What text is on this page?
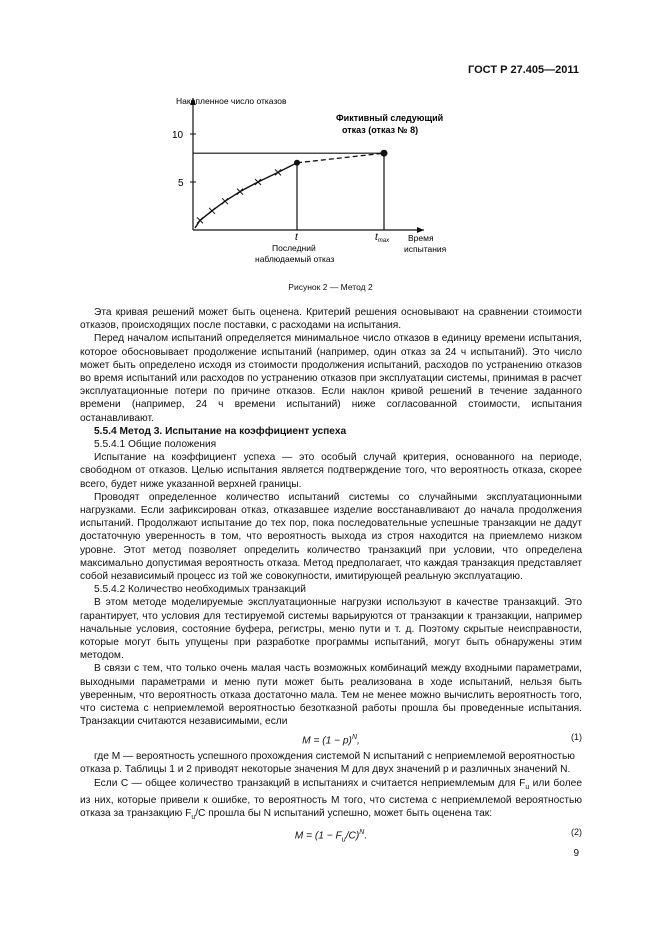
ГОСТ Р 27.405—2011
Накопленное число отказов
10
5
Фиктивный следующий
отказ (отказ № 8)
t	$t_{max}$
Последний
наблюдаемый отказ
Время
испытания
Рисунок 2 — Метод 2

Эта кривая решений может быть оценена. Критерий решения основывают на сравнении стоимости отказов, происходящих после поставки, с расходами на испытания.

Перед началом испытаний определяется минимальное число отказов в единицу времени испытания, которое обосновывает продолжение испытаний (например, один отказ за 24 ч испытаний). Это число может быть определено исходя из стоимости продолжения испытаний, расходов по устранению отказов во время испытаний или расходов по устранению отказов при эксплуатации системы, принимая в расчет эксплуатационные потери по причине отказов. Если наклон кривой решений в течение заданного времени (например, 24 ч времени испытаний) ниже согласованной стоимости, испытания останавливают.

5.5.4 Метод 3. Испытание на коэффициент успеха

5.5.4.1 Общие положения

Испытание на коэффициент успеха — это особый случай критерия, основанного на периоде, свободном от отказов. Целью испытания является подтверждение того, что вероятность отказа, скорее всего, будет ниже указанной верхней границы.

Проводят определенное количество испытаний системы со случайными эксплуатационными нагрузками. Если зафиксирован отказ, отказавшее изделие восстанавливают до начала продолжения испытаний. Продолжают испытание до тех пор, пока последовательные успешные транзакции не дадут достаточную уверенность в том, что вероятность выхода из строя находится на приемлемо низком уровне. Этот метод позволяет определить количество транзакций при условии, что определена максимально допустимая вероятность отказа. Метод предполагает, что каждая транзакция представляет собой независимый процесс из той же совокупности, имитирующей реальную эксплуатацию.

5.5.4.2 Количество необходимых транзакций

В этом методе моделируемые эксплуатационные нагрузки используют в качестве транзакций. Это гарантирует, что условия для тестируемой системы варьируются от транзакции к транзакции, например начальные условия, состояние буфера, регистры, меню пути и т. д. Поэтому скрытые неисправности, которые могут быть упущены при разработке программы испытаний, могут быть обнаружены этим методом.

В связи с тем, что только очень малая часть возможных комбинаций между входными параметрами, выходными параметрами и меню пути может быть реализована в ходе испытаний, нельзя быть уверенным, что вероятность отказа достаточно мала. Тем не менее можно вычислить вероятность того, что система с неприемлемой вероятностью безотказной работы прошла бы проведенные испытания. Транзакции считаются независимыми, если

$M = (1 - p)^N$,	(1)

где M — вероятность успешного прохождения системой N испытаний с неприемлемой вероятностью

отказа p. Таблицы 1 и 2 приводят некоторые значения M для двух значений p и различных значений N.

Если C — общее количество транзакций в испытаниях и считается неприемлемым для $F_u$ или более из них, которые привели к ошибке, то вероятность M того, что система с неприемлемой вероятностью отказа за транзакцию $F_u/C$ прошла бы N испытаний успешно, может быть оценена так:

$M = (1 - F_u/C)^N$.	(2)
9
